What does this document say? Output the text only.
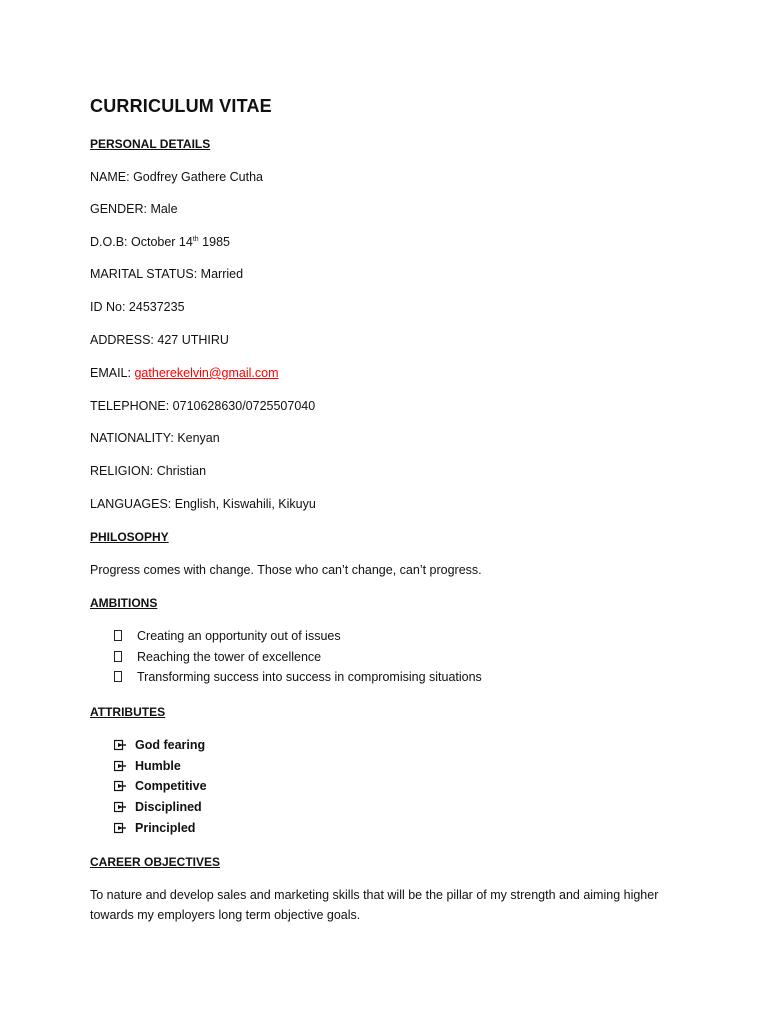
CURRICULUM VITAE

PERSONAL DETAILS

NAME: Godfrey Gathere Cutha

GENDER: Male

D.O.B: October 14th 1985

MARITAL STATUS: Married

ID No: 24537235

ADDRESS: 427 UTHIRU

EMAIL: gatherekelvin@gmail.com

TELEPHONE: 0710628630/0725507040

NATIONALITY: Kenyan

RELIGION: Christian

LANGUAGES: English, Kiswahili, Kikuyu

PHILOSOPHY

Progress comes with change. Those who can’t change, can’t progress.

AMBITIONS

Creating an opportunity out of issues
Reaching the tower of excellence
Transforming success into success in compromising situations

ATTRIBUTES

God fearing
Humble
Competitive
Disciplined
Principled

CAREER OBJECTIVES

To nature and develop sales and marketing skills that will be the pillar of my strength and aiming higher towards my employers long term objective goals.
